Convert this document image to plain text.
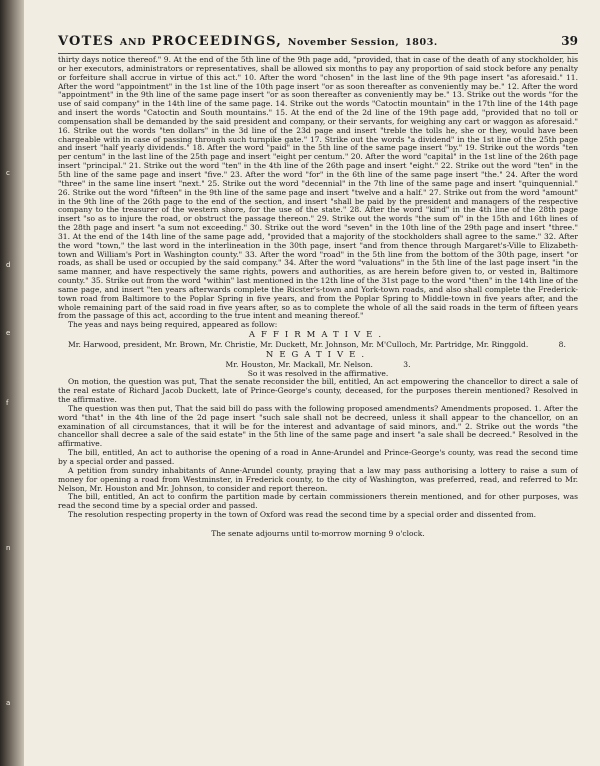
c
d
e
f
n
a
VOTES AND PROCEEDINGS, November Session, 1803.	39

thirty days notice thereof." 9. At the end of the 5th line of the 9th page add, "provided, that in case of the death of any stockholder, his or her executors, administrators or representatives, shall be allowed six months to pay any proportion of said stock before any penalty or forfeiture shall accrue in virtue of this act." 10. After the word "chosen" in the last line of the 9th page insert "as aforesaid." 11. After the word "appointment" in the 1st line of the 10th page insert "or as soon thereafter as conveniently may be." 12. After the word "appointment" in the 9th line of the same page insert "or as soon thereafter as conveniently may be." 13. Strike out the words "for the use of said company" in the 14th line of the same page. 14. Strike out the words "Catoctin mountain" in the 17th line of the 14th page and insert the words "Catoctin and South mountains." 15. At the end of the 2d line of the 19th page add, "provided that no toll or compensation shall be demanded by the said president and company, or their servants, for weighing any cart or waggon as aforesaid." 16. Strike out the words "ten dollars" in the 3d line of the 23d page and insert "treble the tolls he, she or they, would have been chargeable with in case of passing through such turnpike gate." 17. Strike out the words "a dividend" in the 1st line of the 25th page and insert "half yearly dividends." 18. After the word "paid" in the 5th line of the same page insert "by." 19. Strike out the words "ten per centum" in the last line of the 25th page and insert "eight per centum." 20. After the word "capital" in the 1st line of the 26th page insert "principal." 21. Strike out the word "ten" in the 4th line of the 26th page and insert "eight." 22. Strike out the word "ten" in the 5th line of the same page and insert "five." 23. After the word "for" in the 6th line of the same page insert "the." 24. After the word "three" in the same line insert "next." 25. Strike out the word "decennial" in the 7th line of the same page and insert "quinquennial." 26. Strike out the word "fifteen" in the 9th line of the same page and insert "twelve and a half." 27. Strike out from the word "amount" in the 9th line of the 26th page to the end of the section, and insert "shall be paid by the president and managers of the respective company to the treasurer of the western shore, for the use of the state." 28. After the word "kind" in the 4th line of the 28th page insert "so as to injure the road, or obstruct the passage thereon." 29. Strike out the words "the sum of" in the 15th and 16th lines of the 28th page and insert "a sum not exceeding." 30. Strike out the word "seven" in the 10th line of the 29th page and insert "three." 31. At the end of the 14th line of the same page add, "provided that a majority of the stockholders shall agree to the same." 32. After the word "town," the last word in the interlineation in the 30th page, insert "and from thence through Margaret's-Ville to Elizabeth-town and William's Port in Washington county." 33. After the word "road" in the 5th line from the bottom of the 30th page, insert "or roads, as shall be used or occupied by the said company." 34. After the word "valuations" in the 5th line of the last page insert "in the same manner, and have respectively the same rights, powers and authorities, as are herein before given to, or vested in, Baltimore county." 35. Strike out from the word "within" last mentioned in the 12th line of the 31st page to the word "then" in the 14th line of the same page, and insert "ten years afterwards complete the Ricster's-town and York-town roads, and also shall complete the Frederick-town road from Baltimore to the Poplar Spring in five years, and from the Poplar Spring to Middle-town in five years after, and the whole remaining part of the said road in five years after, so as to complete the whole of all the said roads in the term of fifteen years from the passage of this act, according to the true intent and meaning thereof."

The yeas and nays being required, appeared as follow:

AFFIRMATIVE.

Mr. Harwood, president, Mr. Brown, Mr. Christie, Mr. Duckett, Mr. Johnson, Mr. M'Culloch, Mr. Partridge, Mr. Ringgold.	8.

NEGATIVE.

Mr. Houston, Mr. Mackall, Mr. Nelson.	3.

So it was resolved in the affirmative.

On motion, the question was put, That the senate reconsider the bill, entitled, An act empowering the chancellor to direct a sale of the real estate of Richard Jacob Duckett, late of Prince-George's county, deceased, for the purposes therein mentioned? Resolved in the affirmative.

The question was then put, That the said bill do pass with the following proposed amendments? Amendments proposed. 1. After the word "that" in the 4th line of the 2d page insert "such sale shall not be decreed, unless it shall appear to the chancellor, on an examination of all circumstances, that it will be for the interest and advantage of said minors, and." 2. Strike out the words "the chancellor shall decree a sale of the said estate" in the 5th line of the same page and insert "a sale shall be decreed." Resolved in the affirmative.

The bill, entitled, An act to authorise the opening of a road in Anne-Arundel and Prince-George's county, was read the second time by a special order and passed.

A petition from sundry inhabitants of Anne-Arundel county, praying that a law may pass authorising a lottery to raise a sum of money for opening a road from Westminster, in Frederick county, to the city of Washington, was preferred, read, and referred to Mr. Nelson, Mr. Houston and Mr. Johnson, to consider and report thereon.

The bill, entitled, An act to confirm the partition made by certain commissioners therein mentioned, and for other purposes, was read the second time by a special order and passed.

The resolution respecting property in the town of Oxford was read the second time by a special order and dissented from.

The senate adjourns until to-morrow morning 9 o'clock.
